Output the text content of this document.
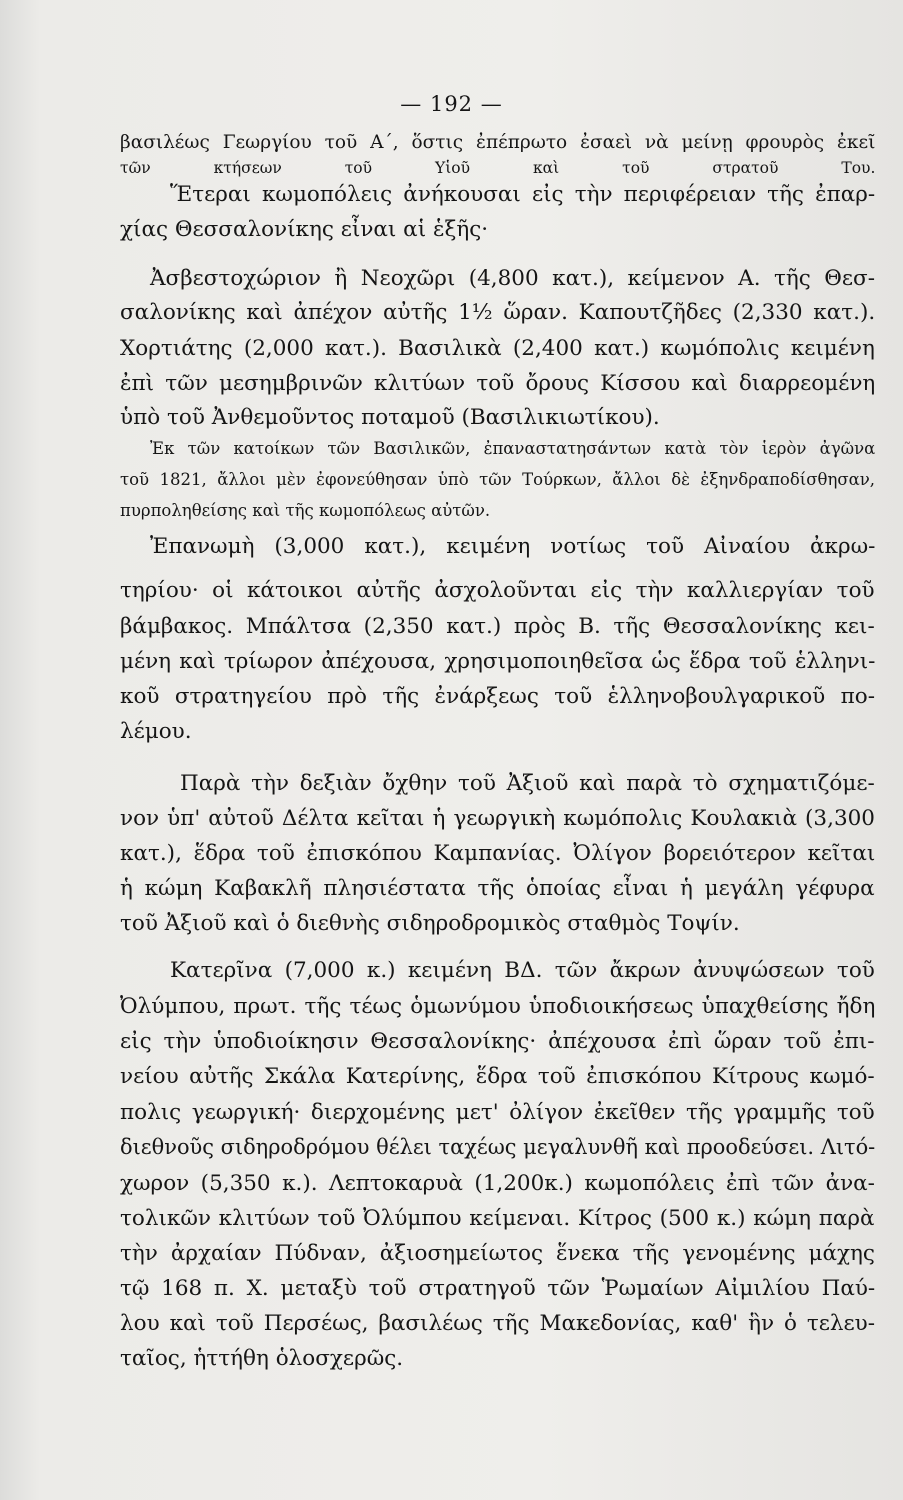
— 192 —
βασιλέως Γεωργίου τοῦ Α΄, ὅστις ἐπέπρωτο ἐσαεὶ νὰ μείνῃ φρουρὸς ἐκεῖ
τῶν κτήσεων τοῦ Υἱοῦ καὶ τοῦ στρατοῦ Του.
Ἕτεραι κωμοπόλεις ἀνήκουσαι εἰς τὴν περιφέρειαν τῆς ἐπαρ-
χίας Θεσσαλονίκης εἶναι αἱ ἑξῆς·
Ἀσβεστοχώριον ἢ Νεοχῶρι (4,800 κατ.), κείμενον Α. τῆς Θεσ-
σαλονίκης καὶ ἀπέχον αὐτῆς 1½ ὥραν. Καπουτζῆδες (2,330 κατ.).
Χορτιάτης (2,000 κατ.). Βασιλικὰ (2,400 κατ.) κωμόπολις κειμένη
ἐπὶ τῶν μεσημβρινῶν κλιτύων τοῦ ὄρους Κίσσου καὶ διαρρεομένη
ὑπὸ τοῦ Ἀνθεμοῦντος ποταμοῦ (Βασιλικιωτίκου).
Ἐκ τῶν κατοίκων τῶν Βασιλικῶν, ἐπαναστατησάντων κατὰ τὸν ἱερὸν ἀγῶνα
τοῦ 1821, ἄλλοι μὲν ἐφονεύθησαν ὑπὸ τῶν Τούρκων, ἄλλοι δὲ ἐξηνδραποδίσθησαν,
πυρποληθείσης καὶ τῆς κωμοπόλεως αὐτῶν.
Ἐπανωμὴ (3,000 κατ.), κειμένη νοτίως τοῦ Αἰναίου ἀκρω-
τηρίου· οἱ κάτοικοι αὐτῆς ἀσχολοῦνται εἰς τὴν καλλιεργίαν τοῦ
βάμβακος. Μπάλτσα (2,350 κατ.) πρὸς Β. τῆς Θεσσαλονίκης κει-
μένη καὶ τρίωρον ἀπέχουσα, χρησιμοποιηθεῖσα ὡς ἕδρα τοῦ ἑλληνι-
κοῦ στρατηγείου πρὸ τῆς ἐνάρξεως τοῦ ἑλληνοβουλγαρικοῦ πο-
λέμου.
Παρὰ τὴν δεξιὰν ὄχθην τοῦ Ἀξιοῦ καὶ παρὰ τὸ σχηματιζόμε-
νον ὑπ' αὐτοῦ Δέλτα κεῖται ἡ γεωργικὴ κωμόπολις Κουλακιὰ (3,300
κατ.), ἕδρα τοῦ ἐπισκόπου Καμπανίας. Ὀλίγον βορειότερον κεῖται
ἡ κώμη Καβακλῆ πλησιέστατα τῆς ὁποίας εἶναι ἡ μεγάλη γέφυρα
τοῦ Ἀξιοῦ καὶ ὁ διεθνὴς σιδηροδρομικὸς σταθμὸς Τοψίν.
Κατερῖνα (7,000 κ.) κειμένη ΒΔ. τῶν ἄκρων ἀνυψώσεων τοῦ
Ὀλύμπου, πρωτ. τῆς τέως ὁμωνύμου ὑποδιοικήσεως ὑπαχθείσης ἤδη
εἰς τὴν ὑποδιοίκησιν Θεσσαλονίκης· ἀπέχουσα ἐπὶ ὥραν τοῦ ἐπι-
νείου αὐτῆς Σκάλα Κατερίνης, ἕδρα τοῦ ἐπισκόπου Κίτρους κωμό-
πολις γεωργική· διερχομένης μετ' ὀλίγον ἐκεῖθεν τῆς γραμμῆς τοῦ
διεθνοῦς σιδηροδρόμου θέλει ταχέως μεγαλυνθῆ καὶ προοδεύσει. Λιτό-
χωρον (5,350 κ.). Λεπτοκαρυὰ (1,200κ.) κωμοπόλεις ἐπὶ τῶν ἀνα-
τολικῶν κλιτύων τοῦ Ὀλύμπου κείμεναι. Κίτρος (500 κ.) κώμη παρὰ
τὴν ἀρχαίαν Πύδναν, ἀξιοσημείωτος ἕνεκα τῆς γενομένης μάχης
τῷ 168 π. Χ. μεταξὺ τοῦ στρατηγοῦ τῶν Ῥωμαίων Αἰμιλίου Παύ-
λου καὶ τοῦ Περσέως, βασιλέως τῆς Μακεδονίας, καθ' ἣν ὁ τελευ-
ταῖος, ἡττήθη ὁλοσχερῶς.
